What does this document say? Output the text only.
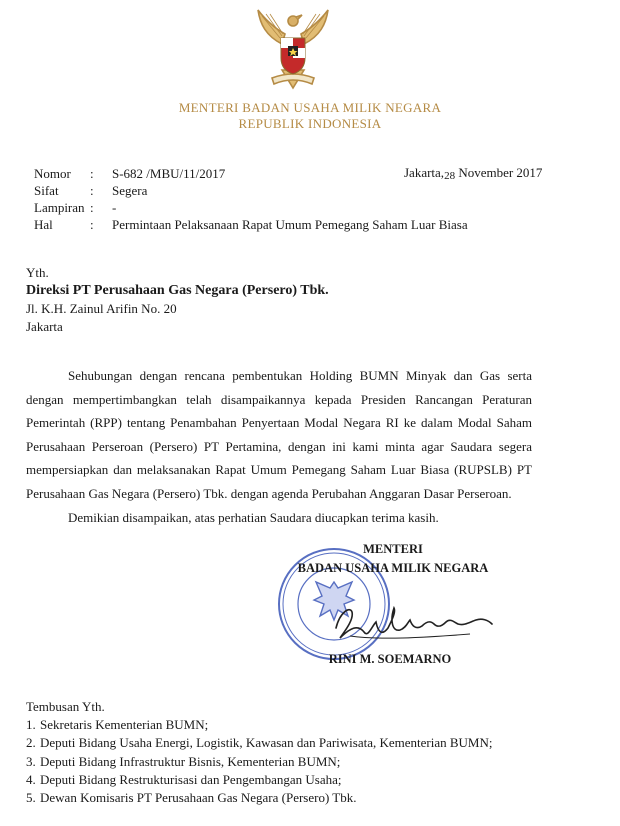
MENTERI BADAN USAHA MILIK NEGARA
REPUBLIK INDONESIA
Nomor	:	S-682 /MBU/11/2017
Sifat	:	Segera
Lampiran :	-
Hal	:	Permintaan Pelaksanaan Rapat Umum Pemegang Saham Luar Biasa
Jakarta,28 November 2017
Yth.
Direksi PT Perusahaan Gas Negara (Persero) Tbk.
Jl. K.H. Zainul Arifin No. 20
Jakarta

Sehubungan dengan rencana pembentukan Holding BUMN Minyak dan Gas serta dengan mempertimbangkan telah disampaikannya kepada Presiden Rancangan Peraturan Pemerintah (RPP) tentang Penambahan Penyertaan Modal Negara RI ke dalam Modal Saham Perusahaan Perseroan (Persero) PT Pertamina, dengan ini kami minta agar Saudara segera mempersiapkan dan melaksanakan Rapat Umum Pemegang Saham Luar Biasa (RUPSLB) PT Perusahaan Gas Negara (Persero) Tbk. dengan agenda Perubahan Anggaran Dasar Perseroan.

Demikian disampaikan, atas perhatian Saudara diucapkan terima kasih.

MENTERI
BADAN USAHA MILIK NEGARA
RINI M. SOEMARNO
Tembusan Yth.
1. Sekretaris Kementerian BUMN;
2. Deputi Bidang Usaha Energi, Logistik, Kawasan dan Pariwisata, Kementerian BUMN;
3. Deputi Bidang Infrastruktur Bisnis, Kementerian BUMN;
4. Deputi Bidang Restrukturisasi dan Pengembangan Usaha;
5. Dewan Komisaris PT Perusahaan Gas Negara (Persero) Tbk.
